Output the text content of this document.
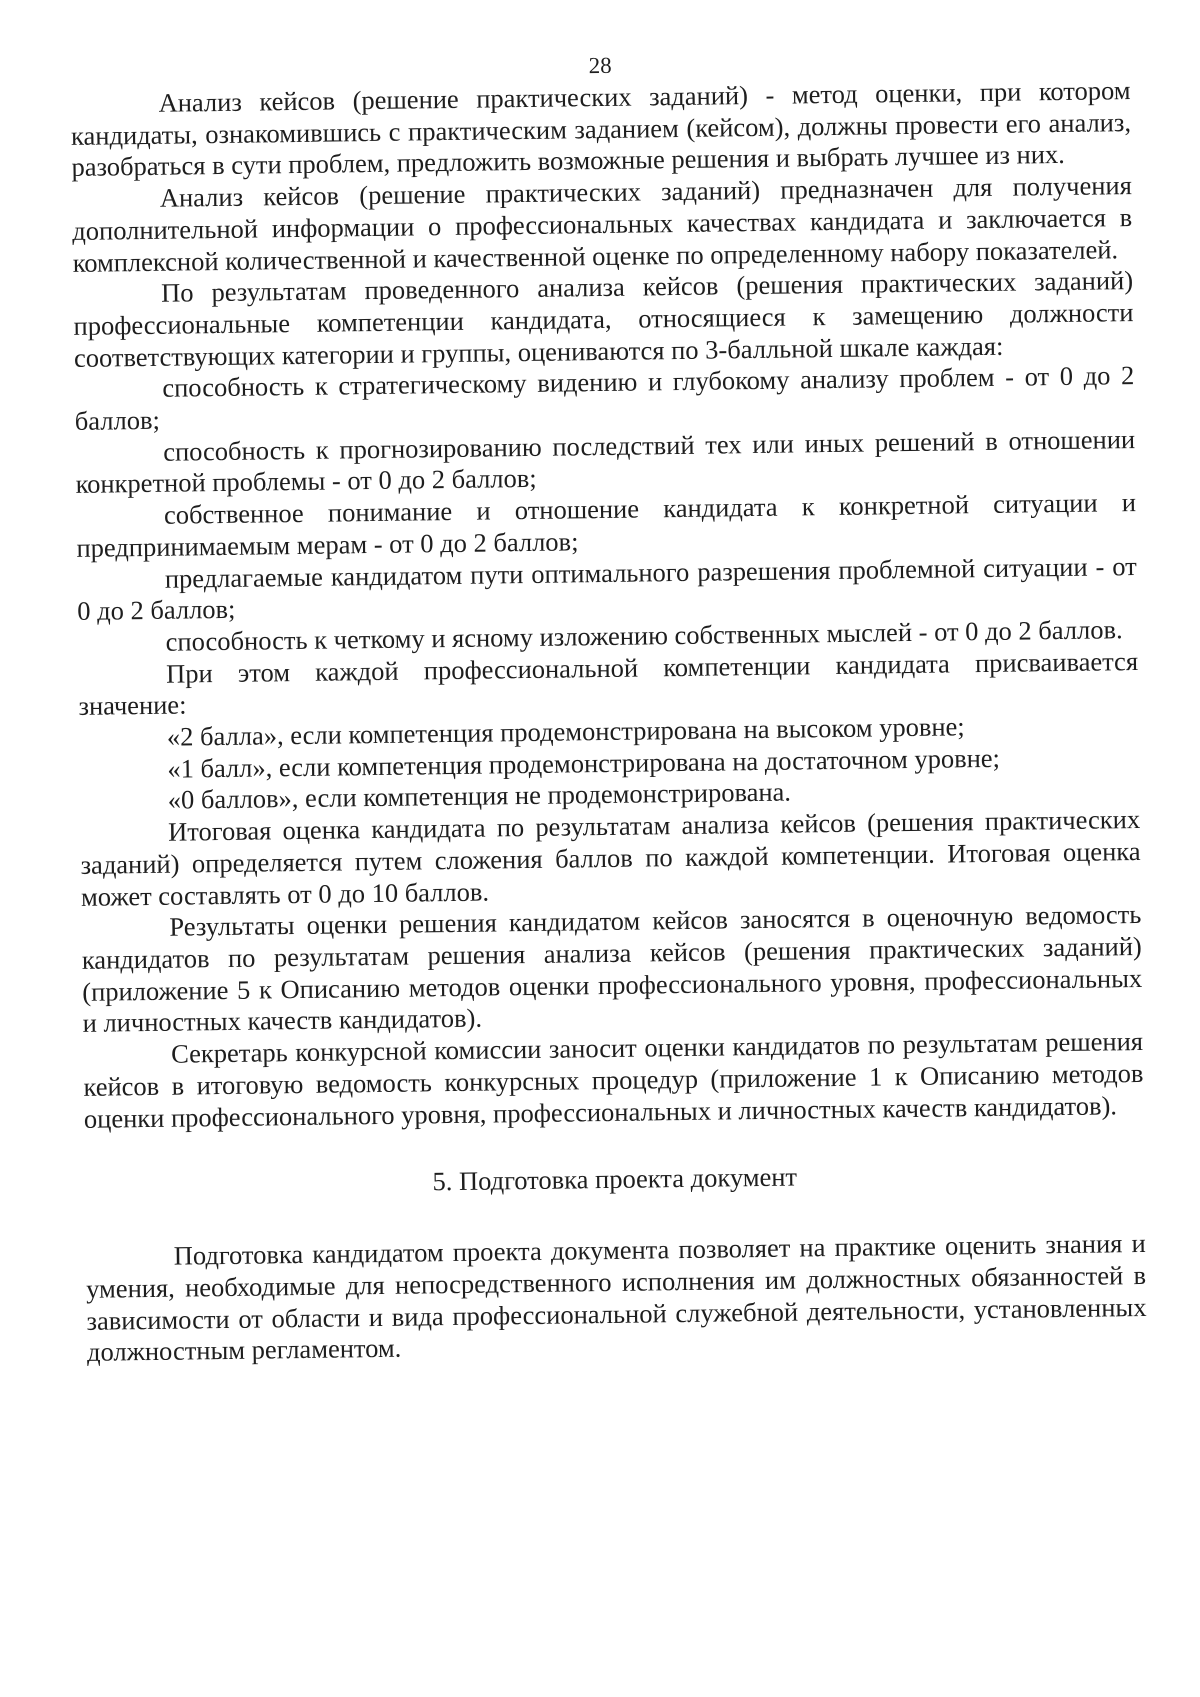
28

Анализ кейсов (решение практических заданий) - метод оценки, при котором кандидаты, ознакомившись с практическим заданием (кейсом), должны провести его анализ, разобраться в сути проблем, предложить возможные решения и выбрать лучшее из них.

Анализ кейсов (решение практических заданий) предназначен для получения дополнительной информации о профессиональных качествах кандидата и заключается в комплексной количественной и качественной оценке по определенному набору показателей.

По результатам проведенного анализа кейсов (решения практических заданий) профессиональные компетенции кандидата, относящиеся к замещению должности соответствующих категории и группы, оцениваются по 3-балльной шкале каждая:

способность к стратегическому видению и глубокому анализу проблем - от 0 до 2 баллов;

способность к прогнозированию последствий тех или иных решений в отношении конкретной проблемы - от 0 до 2 баллов;

собственное понимание и отношение кандидата к конкретной ситуации и предпринимаемым мерам - от 0 до 2 баллов;

предлагаемые кандидатом пути оптимального разрешения проблемной ситуации - от 0 до 2 баллов;

способность к четкому и ясному изложению собственных мыслей - от 0 до 2 баллов.

При этом каждой профессиональной компетенции кандидата присваивается значение:

«2 балла», если компетенция продемонстрирована на высоком уровне;

«1 балл», если компетенция продемонстрирована на достаточном уровне;

«0 баллов», если компетенция не продемонстрирована.

Итоговая оценка кандидата по результатам анализа кейсов (решения практических заданий) определяется путем сложения баллов по каждой компетенции. Итоговая оценка может составлять от 0 до 10 баллов.

Результаты оценки решения кандидатом кейсов заносятся в оценочную ведомость кандидатов по результатам решения анализа кейсов (решения практических заданий) (приложение 5 к Описанию методов оценки профессионального уровня, профессиональных и личностных качеств кандидатов).

Секретарь конкурсной комиссии заносит оценки кандидатов по результатам решения кейсов в итоговую ведомость конкурсных процедур (приложение 1 к Описанию методов оценки профессионального уровня, профессиональных и личностных качеств кандидатов).

5. Подготовка проекта документ

Подготовка кандидатом проекта документа позволяет на практике оценить знания и умения, необходимые для непосредственного исполнения им должностных обязанностей в зависимости от области и вида профессиональной служебной деятельности, установленных должностным регламентом.
